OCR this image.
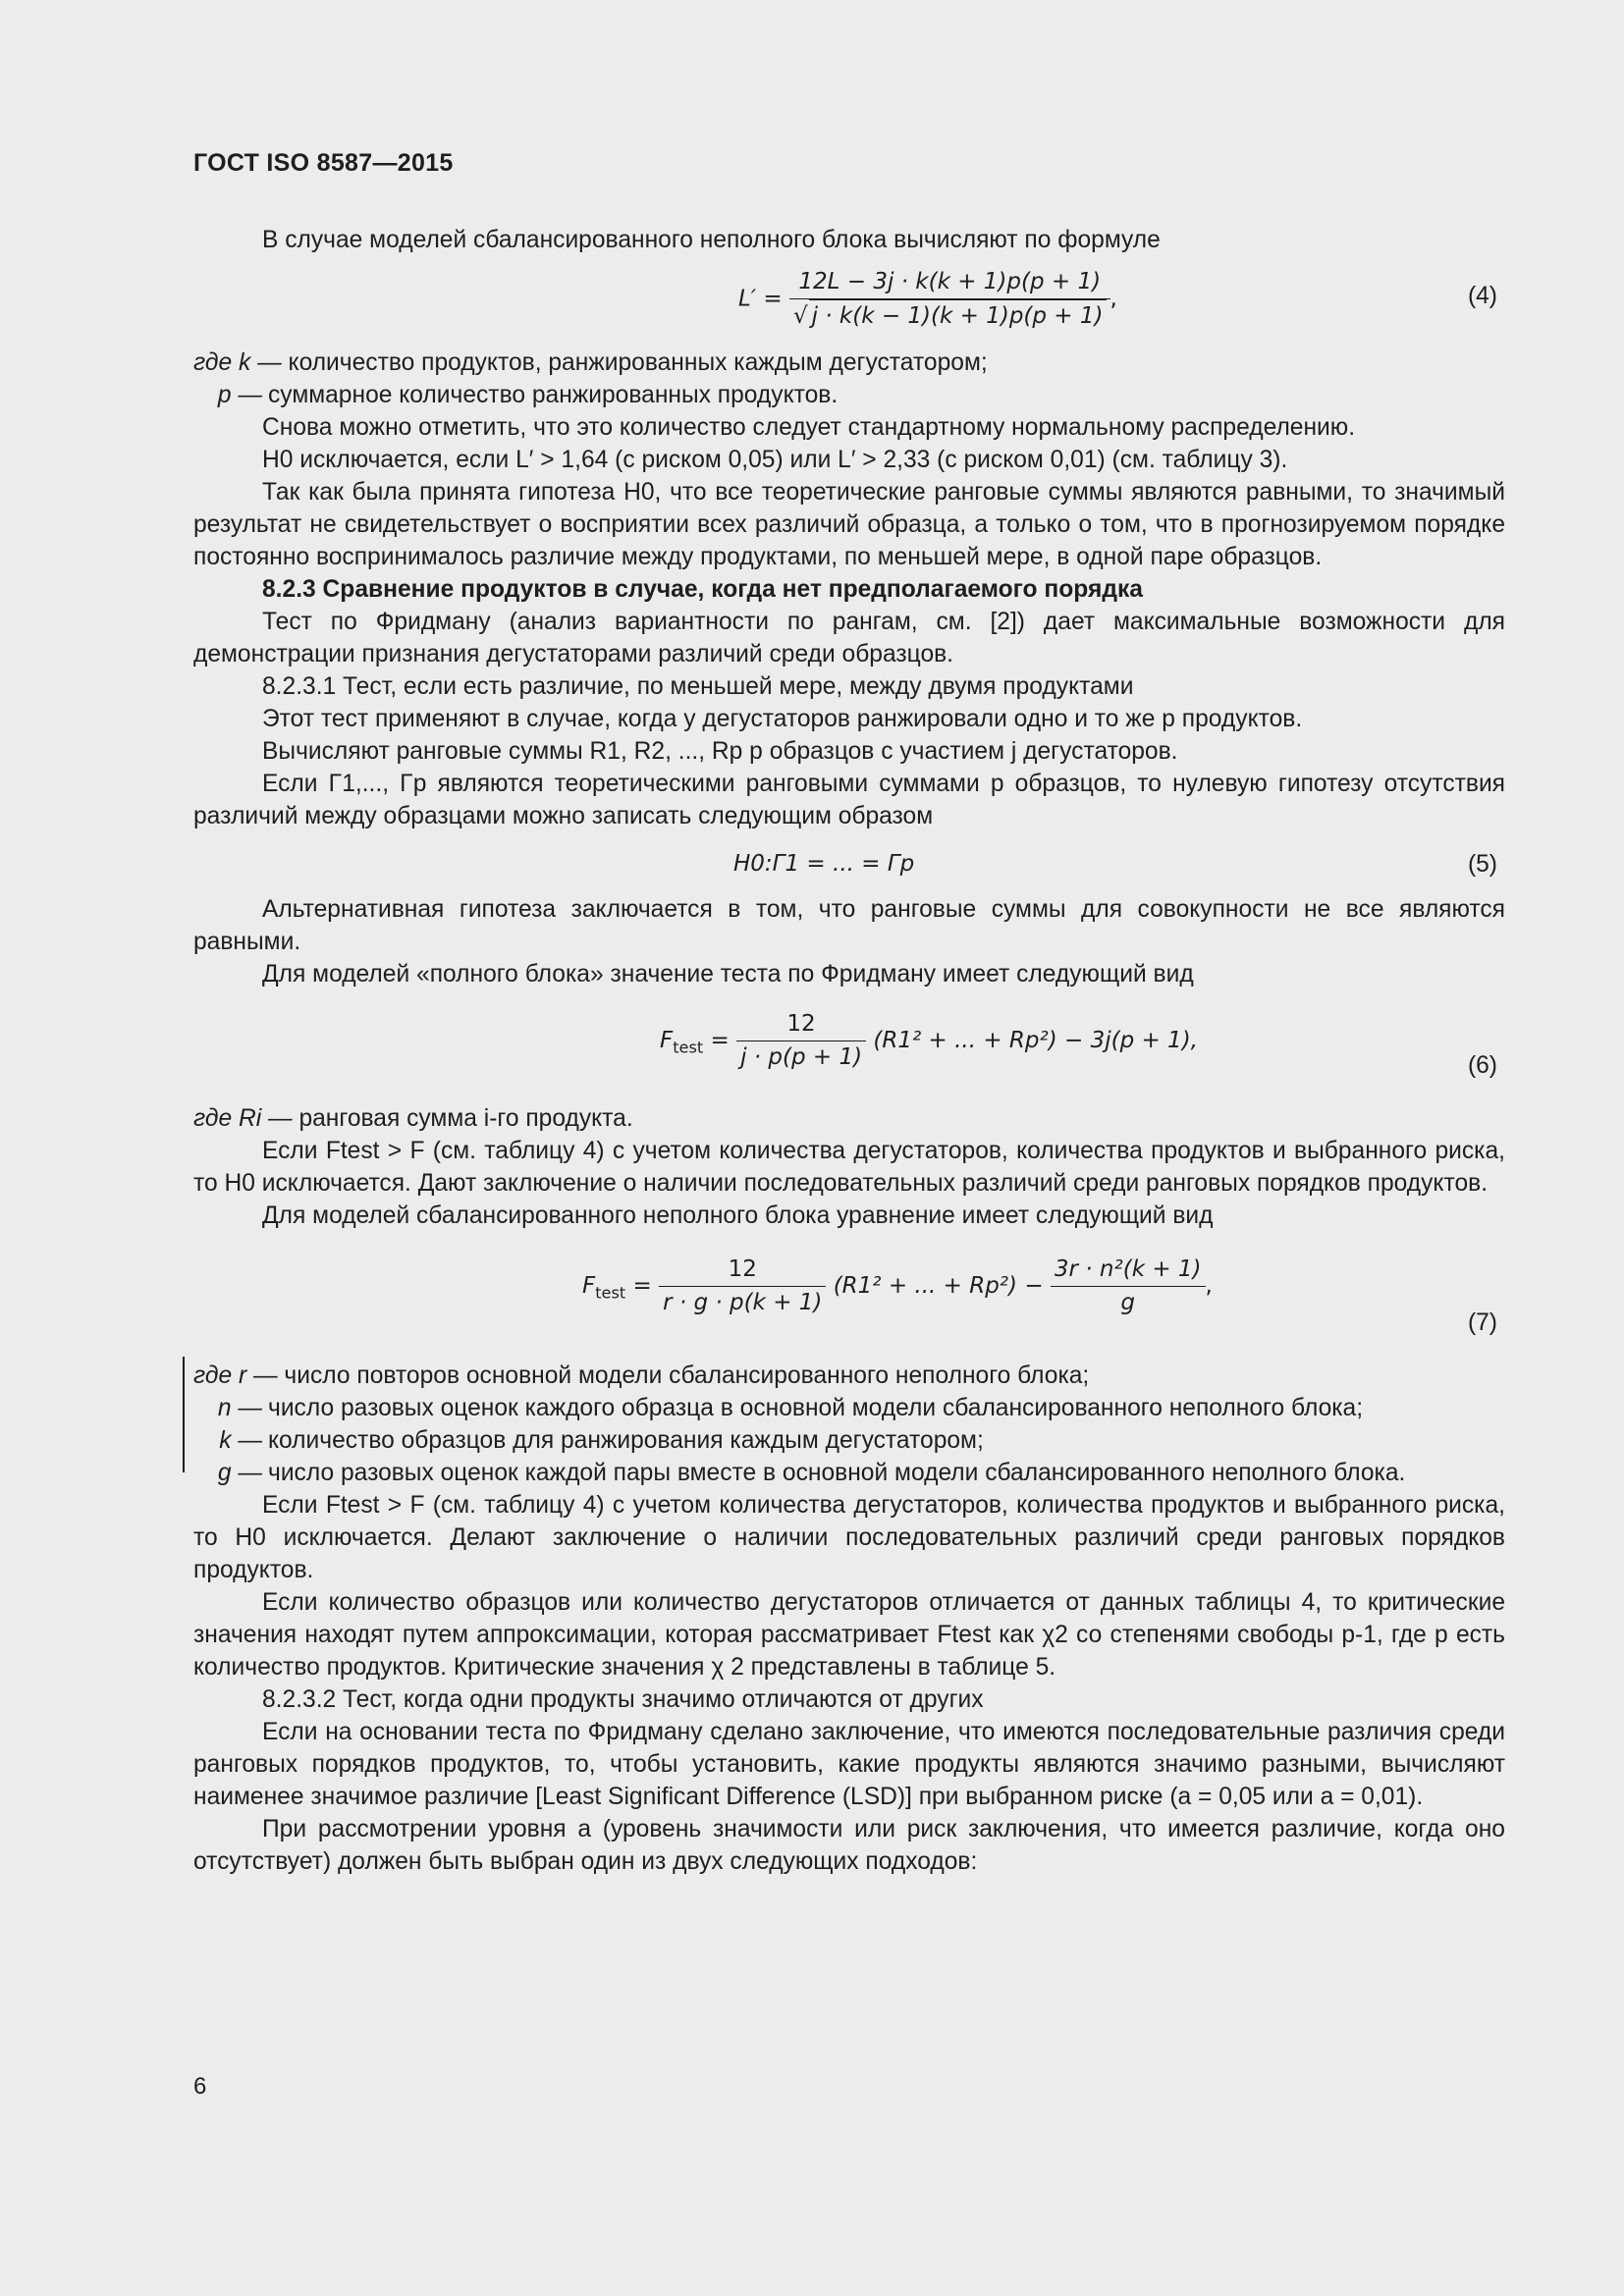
ГОСТ ISO 8587—2015

В случае моделей сбалансированного неполного блока вычисляют по формуле

$L' = \frac{12L - 3j \cdot k(k + 1)p(p + 1)}{√ j \cdot k(k - 1)(k + 1)p(p + 1)}$ ,	(4)

где k — количество продуктов, ранжированных каждым дегустатором;

p — суммарное количество ранжированных продуктов.

Снова можно отметить, что это количество следует стандартному нормальному распределению.

H0 исключается, если L′ > 1,64 (с риском 0,05) или L′ > 2,33 (с риском 0,01) (см. таблицу 3).

Так как была принята гипотеза H0, что все теоретические ранговые суммы являются равными, то значимый результат не свидетельствует о восприятии всех различий образца, а только о том, что в прогнозируемом порядке постоянно воспринималось различие между продуктами, по меньшей мере, в одной паре образцов.

8.2.3 Сравнение продуктов в случае, когда нет предполагаемого порядка

Тест по Фридману (анализ вариантности по рангам, см. [2]) дает максимальные возможности для демонстрации признания дегустаторами различий среди образцов.

8.2.3.1 Тест, если есть различие, по меньшей мере, между двумя продуктами

Этот тест применяют в случае, когда у дегустаторов ранжировали одно и то же p продуктов.

Вычисляют ранговые суммы R1, R2, ..., Rp p образцов с участием j дегустаторов.

Если Γ1,..., Γp являются теоретическими ранговыми суммами p образцов, то нулевую гипотезу отсутствия различий между образцами можно записать следующим образом

H0:Γ1 = ... = Γp	(5)

Альтернативная гипотеза заключается в том, что ранговые суммы для совокупности не все являются равными.

Для моделей «полного блока» значение теста по Фридману имеет следующий вид

$F_{test} = \frac{12}{j \cdot p(p + 1)} (R1^2$ + ... + Rp²) − 3j(p + 1),
(6)

где Ri — ранговая сумма i-го продукта.

Если Ftest > F (см. таблицу 4) с учетом количества дегустаторов, количества продуктов и выбранного риска, то H0 исключается. Дают заключение о наличии последовательных различий среди ранговых порядков продуктов.

Для моделей сбалансированного неполного блока уравнение имеет следующий вид

$F_{test} = \frac{12}{r \cdot g \cdot p(k + 1)} (R1^2$ + ... + $Rp^2) - \frac{\text{3r · n²(k + 1)}}{g}$ ,
(7)

где r — число повторов основной модели сбалансированного неполного блока;

n — число разовых оценок каждого образца в основной модели сбалансированного неполного блока;

k — количество образцов для ранжирования каждым дегустатором;

g — число разовых оценок каждой пары вместе в основной модели сбалансированного неполного блока.

Если Ftest > F (см. таблицу 4) с учетом количества дегустаторов, количества продуктов и выбранного риска, то H0 исключается. Делают заключение о наличии последовательных различий среди ранговых порядков продуктов.

Если количество образцов или количество дегустаторов отличается от данных таблицы 4, то критические значения находят путем аппроксимации, которая рассматривает Ftest как χ2 со степенями свободы p-1, где p есть количество продуктов. Критические значения χ 2 представлены в таблице 5.

8.2.3.2 Тест, когда одни продукты значимо отличаются от других

Если на основании теста по Фридману сделано заключение, что имеются последовательные различия среди ранговых порядков продуктов, то, чтобы установить, какие продукты являются значимо разными, вычисляют наименее значимое различие [Least Significant Difference (LSD)] при выбранном риске (a = 0,05 или a = 0,01).

При рассмотрении уровня a (уровень значимости или риск заключения, что имеется различие, когда оно отсутствует) должен быть выбран один из двух следующих подходов:

6
